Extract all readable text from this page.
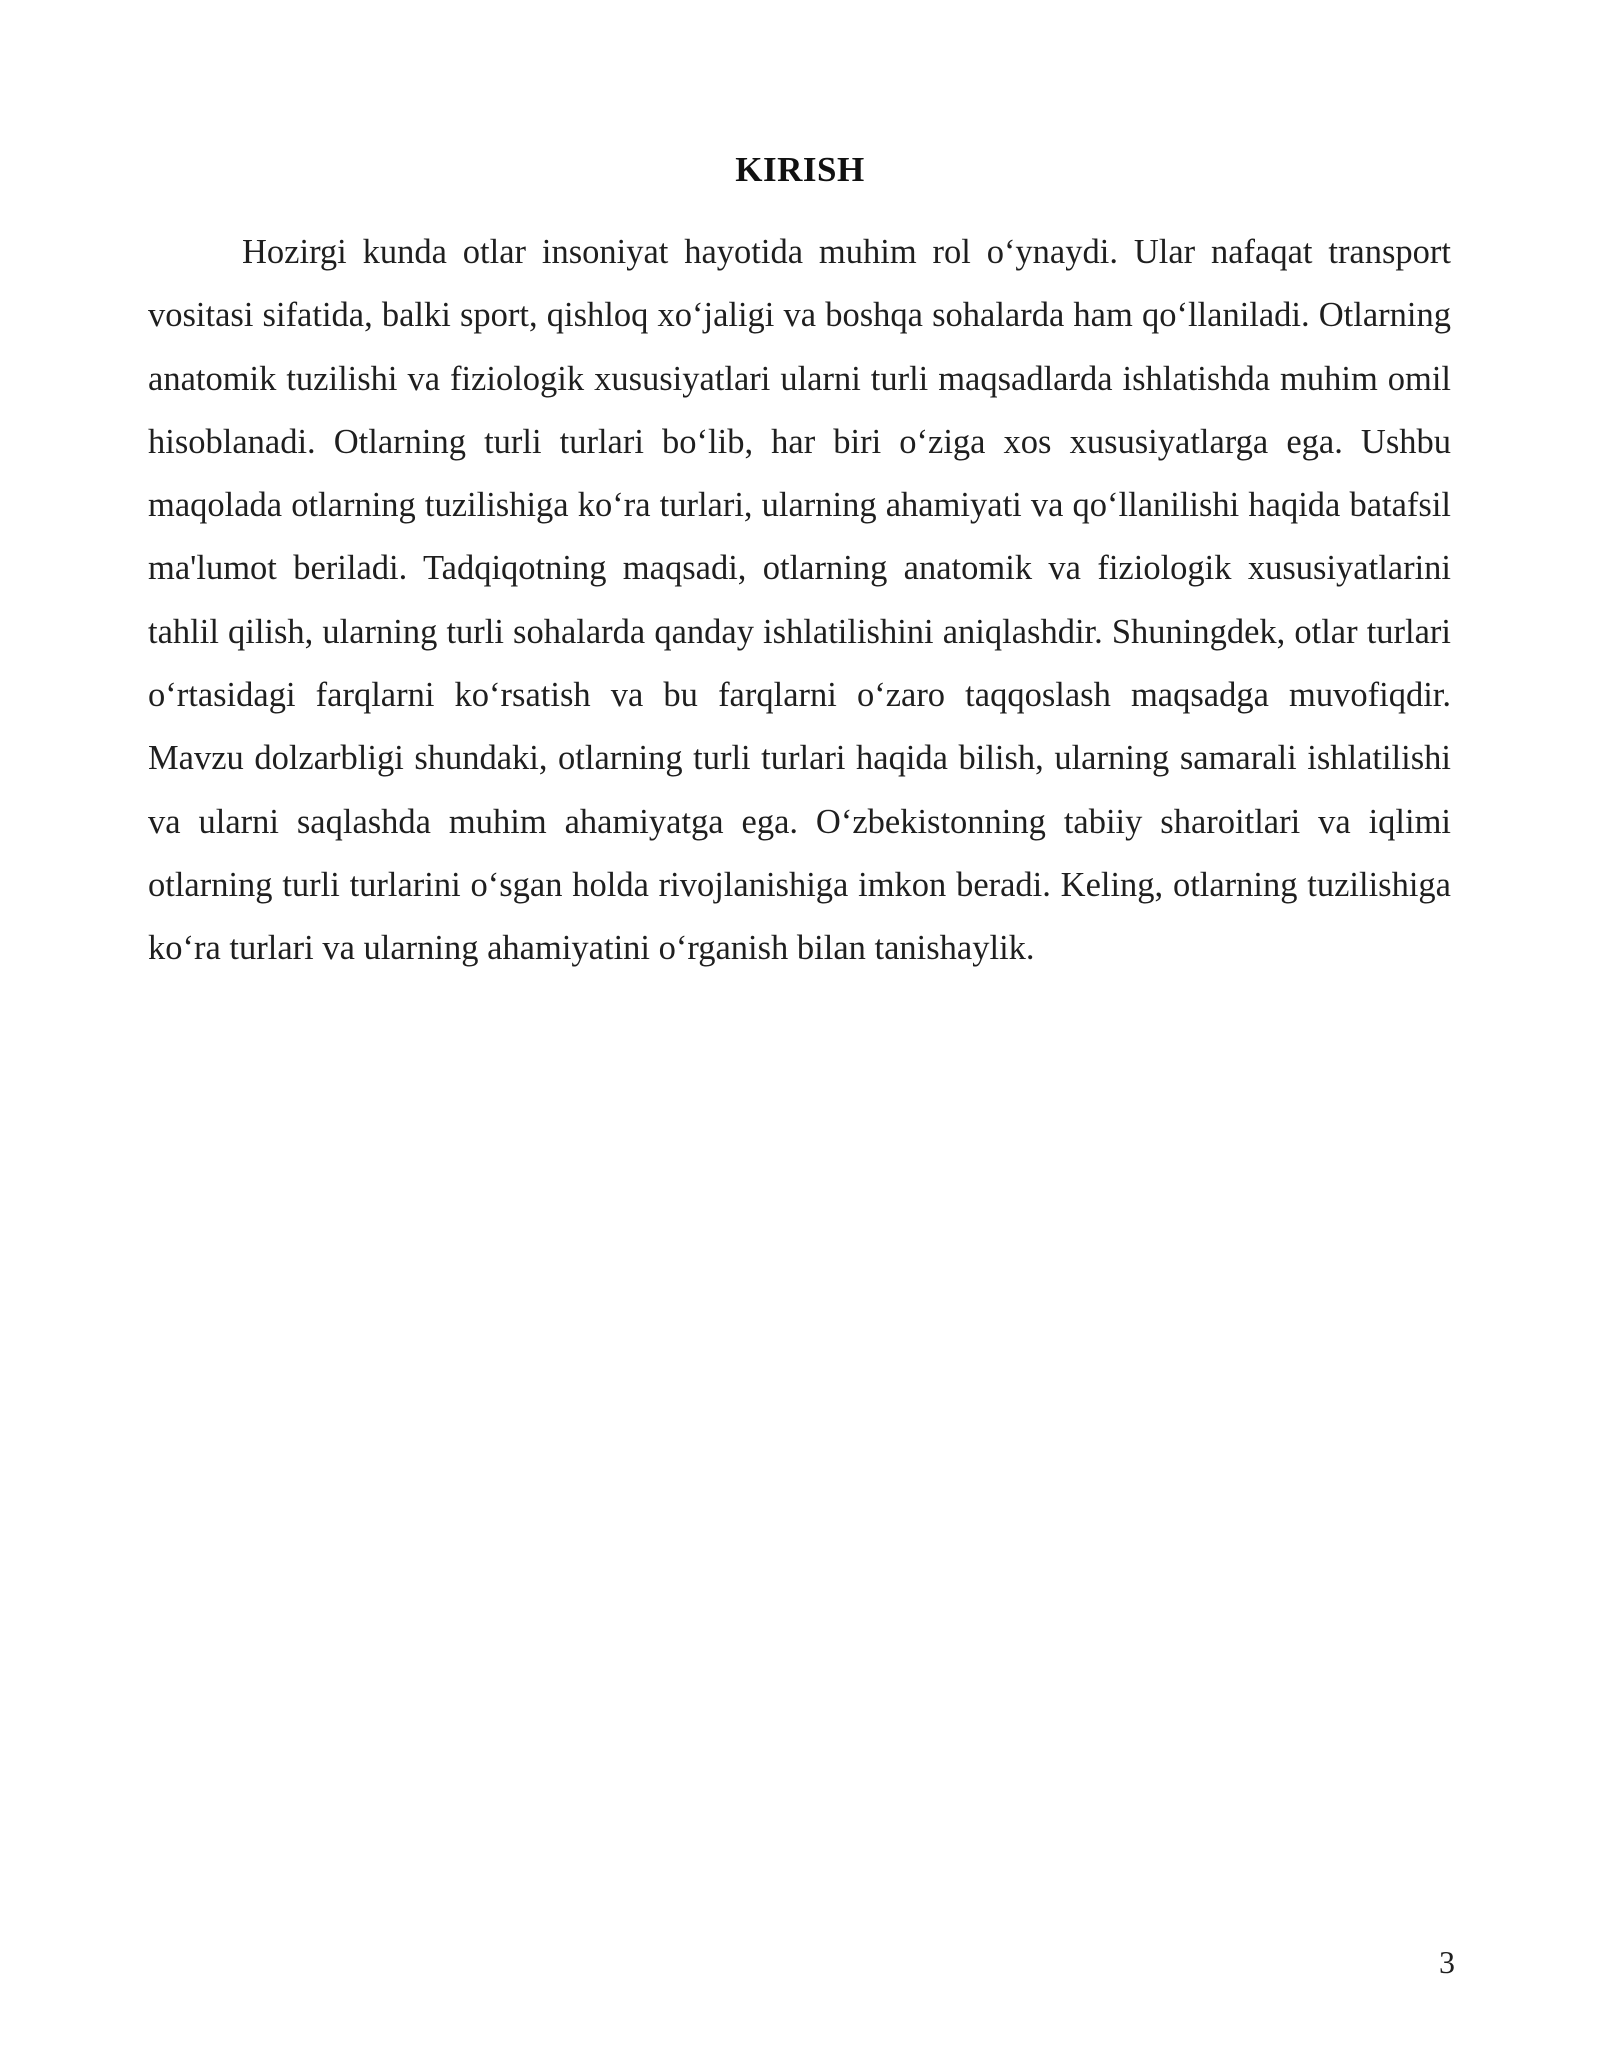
KIRISH

Hozirgi kunda otlar insoniyat hayotida muhim rol o‘ynaydi. Ular nafaqat transport vositasi sifatida, balki sport, qishloq xo‘jaligi va boshqa sohalarda ham qo‘llaniladi. Otlarning anatomik tuzilishi va fiziologik xususiyatlari ularni turli maqsadlarda ishlatishda muhim omil hisoblanadi. Otlarning turli turlari bo‘lib, har biri o‘ziga xos xususiyatlarga ega. Ushbu maqolada otlarning tuzilishiga ko‘ra turlari, ularning ahamiyati va qo‘llanilishi haqida batafsil ma'lumot beriladi. Tadqiqotning maqsadi, otlarning anatomik va fiziologik xususiyatlarini tahlil qilish, ularning turli sohalarda qanday ishlatilishini aniqlashdir. Shuningdek, otlar turlari o‘rtasidagi farqlarni ko‘rsatish va bu farqlarni o‘zaro taqqoslash maqsadga muvofiqdir. Mavzu dolzarbligi shundaki, otlarning turli turlari haqida bilish, ularning samarali ishlatilishi va ularni saqlashda muhim ahamiyatga ega. O‘zbekistonning tabiiy sharoitlari va iqlimi otlarning turli turlarini o‘sgan holda rivojlanishiga imkon beradi. Keling, otlarning tuzilishiga ko‘ra turlari va ularning ahamiyatini o‘rganish bilan tanishaylik.

3
